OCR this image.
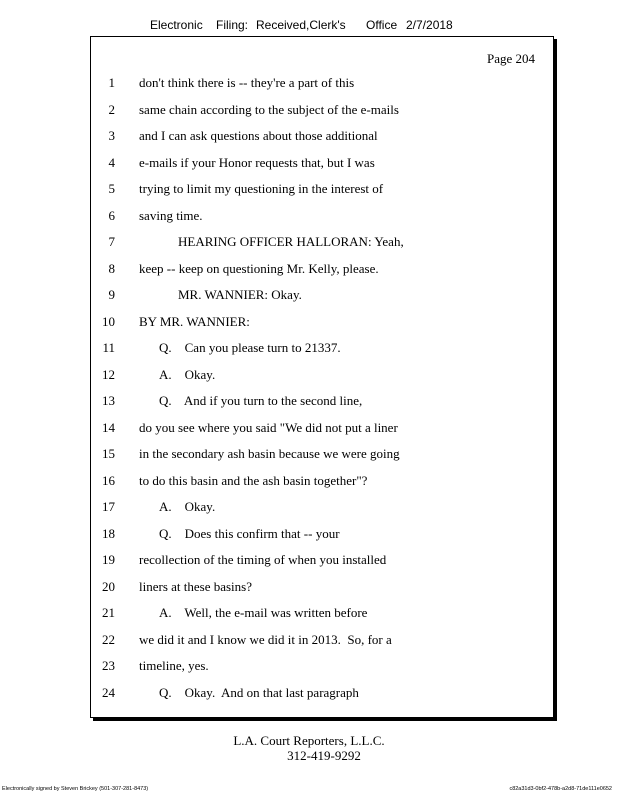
Electronic Filing: Received,Clerk's Office 2/7/2018
Page 204
1 don't think there is -- they're a part of this
2 same chain according to the subject of the e-mails
3 and I can ask questions about those additional
4 e-mails if your Honor requests that, but I was
5 trying to limit my questioning in the interest of
6 saving time.
7	HEARING OFFICER HALLORAN: Yeah,
8 keep -- keep on questioning Mr. Kelly, please.
9	MR. WANNIER: Okay.
10 BY MR. WANNIER:
11	Q.    Can you please turn to 21337.
12	A.    Okay.
13	Q.    And if you turn to the second line,
14 do you see where you said "We did not put a liner
15 in the secondary ash basin because we were going
16 to do this basin and the ash basin together"?
17	A.    Okay.
18	Q.    Does this confirm that -- your
19 recollection of the timing of when you installed
20 liners at these basins?
21	A.    Well, the e-mail was written before
22 we did it and I know we did it in 2013.  So, for a
23 timeline, yes.
24	Q.    Okay.  And on that last paragraph
L.A. Court Reporters, L.L.C.
312-419-9292
Electronically signed by Steven Brickey (501-307-281-8473)	c82a31d3-0bf2-478b-a2d8-71de111e0652
